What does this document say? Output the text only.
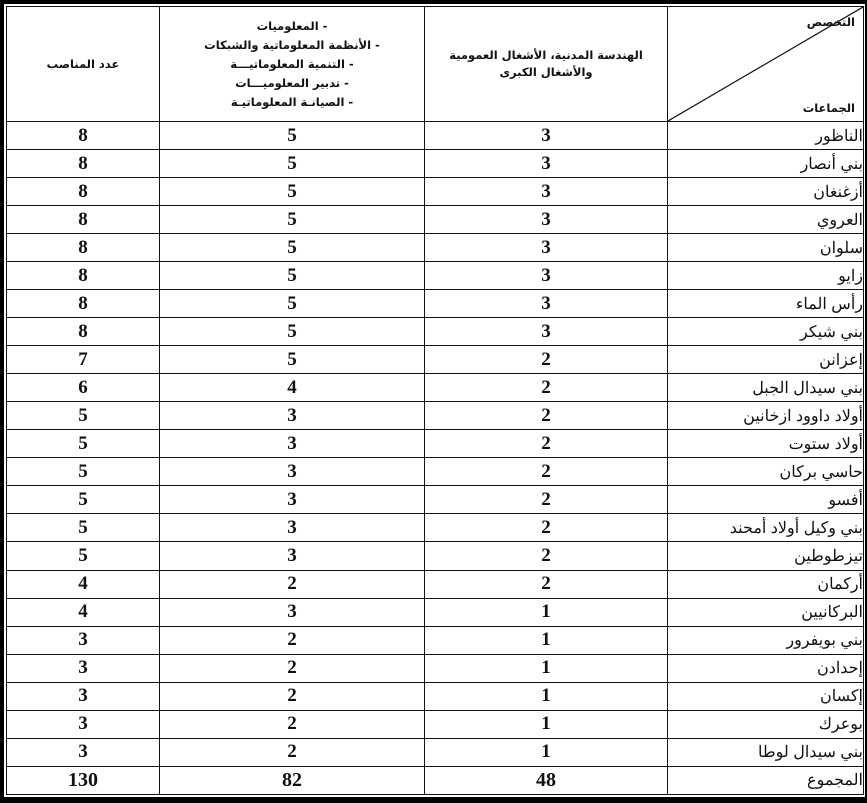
التخصص
الجماعات	الهندسة المدنية، الأشغال العمومية والأشغال الكبرى	- المعلوميات
- الأنظمة المعلوماتية والشبكات
- التنمية المعلوماتيـــة
- تدبير المعلوميـــات
- الصيانـة المعلوماتيـة	عدد المناصب
الناظور	3	5	8
بني أنصار	3	5	8
أزغنغان	3	5	8
العروي	3	5	8
سلوان	3	5	8
زايو	3	5	8
رأس الماء	3	5	8
بني شيكر	3	5	8
إعزانن	2	5	7
بني سيدال الجبل	2	4	6
أولاد داوود ازخانين	2	3	5
أولاد ستوت	2	3	5
حاسي بركان	2	3	5
أفسو	2	3	5
بني وكيل أولاد أمحند	2	3	5
تيزطوطين	2	3	5
أركمان	2	2	4
البركانيين	1	3	4
بني بويفرور	1	2	3
إحدادن	1	2	3
إكسان	1	2	3
بوعرك	1	2	3
بني سيدال لوطا	1	2	3
المجموع	48	82	130
